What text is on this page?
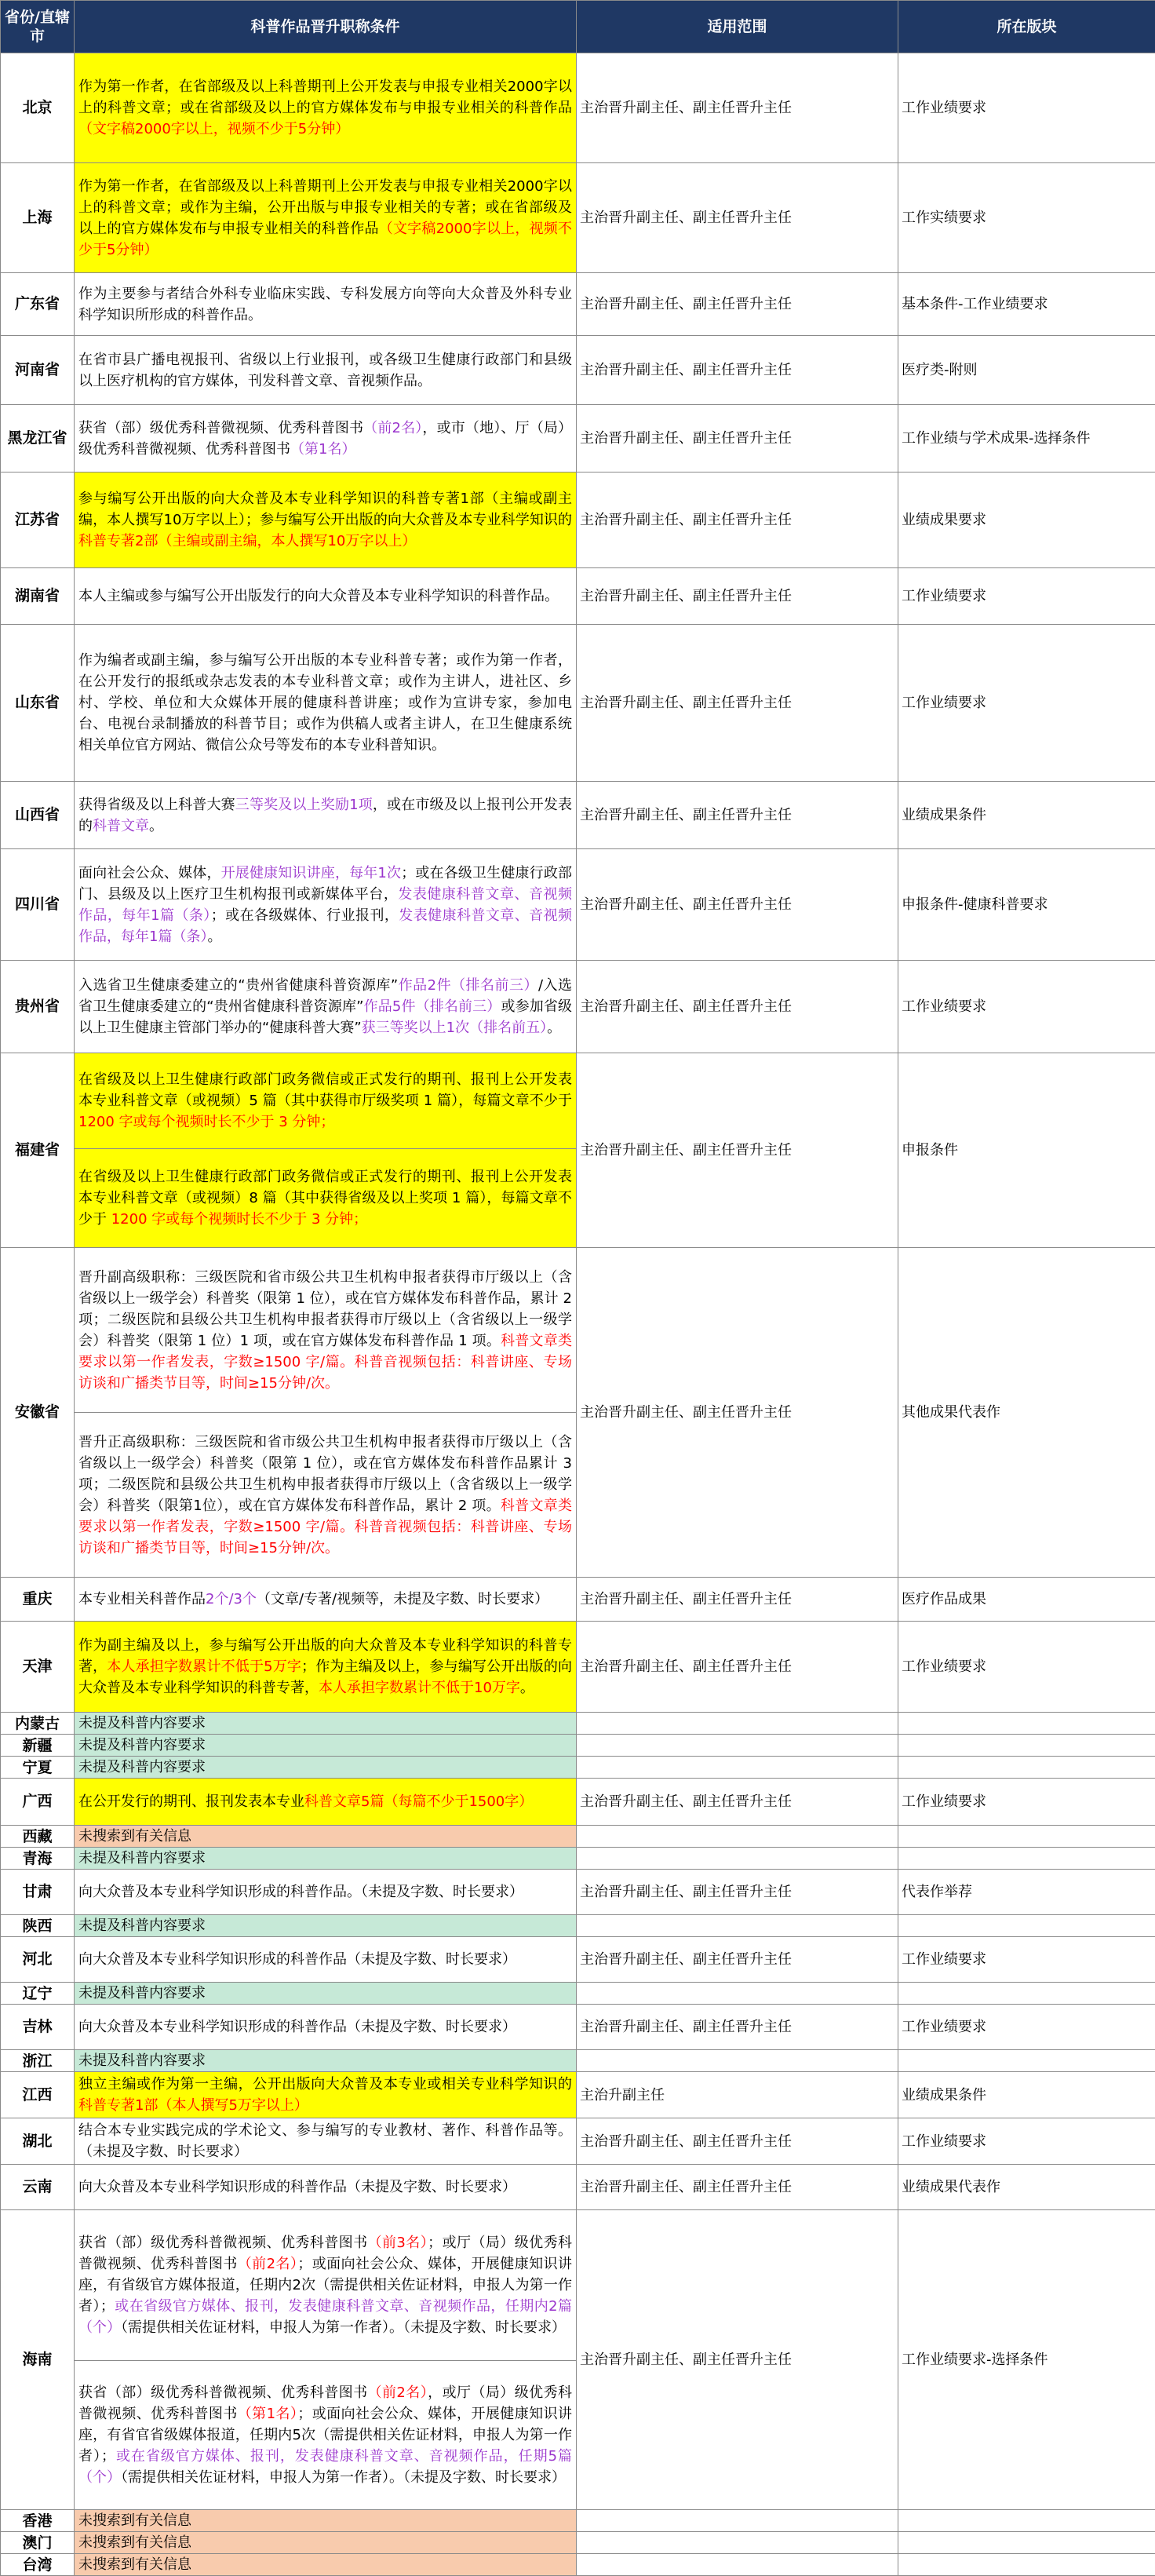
省份/直辖市	科普作品晋升职称条件	适用范围	所在版块
北京	作为第一作者，在省部级及以上科普期刊上公开发表与申报专业相关2000字以上的科普文章；或在省部级及以上的官方媒体发布与申报专业相关的科普作品（文字稿2000字以上，视频不少于5分钟）	主治晋升副主任、副主任晋升主任	工作业绩要求
上海	作为第一作者，在省部级及以上科普期刊上公开发表与申报专业相关2000字以上的科普文章；或作为主编，公开出版与申报专业相关的专著；或在省部级及以上的官方媒体发布与申报专业相关的科普作品（文字稿2000字以上，视频不少于5分钟）	主治晋升副主任、副主任晋升主任	工作实绩要求
广东省	作为主要参与者结合外科专业临床实践、专科发展方向等向大众普及外科专业科学知识所形成的科普作品。	主治晋升副主任、副主任晋升主任	基本条件-工作业绩要求
河南省	在省市县广播电视报刊、省级以上行业报刊，或各级卫生健康行政部门和县级以上医疗机构的官方媒体，刊发科普文章、音视频作品。	主治晋升副主任、副主任晋升主任	医疗类-附则
黑龙江省	获省（部）级优秀科普微视频、优秀科普图书（前2名），或市（地）、厅（局）级优秀科普微视频、优秀科普图书（第1名）	主治晋升副主任、副主任晋升主任	工作业绩与学术成果-选择条件
江苏省	参与编写公开出版的向大众普及本专业科学知识的科普专著1部（主编或副主编，本人撰写10万字以上）；参与编写公开出版的向大众普及本专业科学知识的科普专著2部（主编或副主编，本人撰写10万字以上）	主治晋升副主任、副主任晋升主任	业绩成果要求
湖南省	本人主编或参与编写公开出版发行的向大众普及本专业科学知识的科普作品。	主治晋升副主任、副主任晋升主任	工作业绩要求
山东省	作为编者或副主编，参与编写公开出版的本专业科普专著；或作为第一作者，在公开发行的报纸或杂志发表的本专业科普文章；或作为主讲人，进社区、乡村、学校、单位和大众媒体开展的健康科普讲座；或作为宣讲专家，参加电台、电视台录制播放的科普节目；或作为供稿人或者主讲人，在卫生健康系统相关单位官方网站、微信公众号等发布的本专业科普知识。	主治晋升副主任、副主任晋升主任	工作业绩要求
山西省	获得省级及以上科普大赛三等奖及以上奖励1项，或在市级及以上报刊公开发表的科普文章。	主治晋升副主任、副主任晋升主任	业绩成果条件
四川省	面向社会公众、媒体，开展健康知识讲座，每年1次；或在各级卫生健康行政部门、县级及以上医疗卫生机构报刊或新媒体平台，发表健康科普文章、音视频作品，每年1篇（条）；或在各级媒体、行业报刊，发表健康科普文章、音视频作品，每年1篇（条）。	主治晋升副主任、副主任晋升主任	申报条件-健康科普要求
贵州省	入选省卫生健康委建立的“贵州省健康科普资源库”作品2件（排名前三）/入选省卫生健康委建立的“贵州省健康科普资源库”作品5件（排名前三）或参加省级以上卫生健康主管部门举办的“健康科普大赛”获三等奖以上1次（排名前五）。	主治晋升副主任、副主任晋升主任	工作业绩要求
福建省	在省级及以上卫生健康行政部门政务微信或正式发行的期刊、报刊上公开发表本专业科普文章（或视频）5 篇（其中获得市厅级奖项 1 篇），每篇文章不少于 1200 字或每个视频时长不少于 3 分钟；	主治晋升副主任、副主任晋升主任	申报条件
	在省级及以上卫生健康行政部门政务微信或正式发行的期刊、报刊上公开发表本专业科普文章（或视频）8 篇（其中获得省级及以上奖项 1 篇），每篇文章不少于 1200 字或每个视频时长不少于 3 分钟；		
安徽省	晋升副高级职称：三级医院和省市级公共卫生机构申报者获得市厅级以上（含省级以上一级学会）科普奖（限第 1 位），或在官方媒体发布科普作品，累计 2 项；二级医院和县级公共卫生机构申报者获得市厅级以上（含省级以上一级学会）科普奖（限第 1 位）1 项，或在官方媒体发布科普作品 1 项。科普文章类要求以第一作者发表，字数≥1500 字/篇。科普音视频包括：科普讲座、专场访谈和广播类节目等，时间≥15分钟/次。	主治晋升副主任、副主任晋升主任	其他成果代表作
	晋升正高级职称：三级医院和省市级公共卫生机构申报者获得市厅级以上（含省级以上一级学会）科普奖（限第 1 位），或在官方媒体发布科普作品累计 3 项；二级医院和县级公共卫生机构申报者获得市厅级以上（含省级以上一级学会）科普奖（限第1位），或在官方媒体发布科普作品，累计 2 项。科普文章类要求以第一作者发表，字数≥1500 字/篇。科普音视频包括：科普讲座、专场访谈和广播类节目等，时间≥15分钟/次。		
重庆	本专业相关科普作品2个/3个（文章/专著/视频等，未提及字数、时长要求）	主治晋升副主任、副主任晋升主任	医疗作品成果
天津	作为副主编及以上，参与编写公开出版的向大众普及本专业科学知识的科普专著，本人承担字数累计不低于5万字；作为主编及以上，参与编写公开出版的向大众普及本专业科学知识的科普专著，本人承担字数累计不低于10万字。	主治晋升副主任、副主任晋升主任	工作业绩要求
内蒙古	未提及科普内容要求		
新疆	未提及科普内容要求		
宁夏	未提及科普内容要求		
广西	在公开发行的期刊、报刊发表本专业科普文章5篇（每篇不少于1500字）	主治晋升副主任、副主任晋升主任	工作业绩要求
西藏	未搜索到有关信息		
青海	未提及科普内容要求		
甘肃	向大众普及本专业科学知识形成的科普作品。（未提及字数、时长要求）	主治晋升副主任、副主任晋升主任	代表作举荐
陕西	未提及科普内容要求		
河北	向大众普及本专业科学知识形成的科普作品（未提及字数、时长要求）	主治晋升副主任、副主任晋升主任	工作业绩要求
辽宁	未提及科普内容要求		
吉林	向大众普及本专业科学知识形成的科普作品（未提及字数、时长要求）	主治晋升副主任、副主任晋升主任	工作业绩要求
浙江	未提及科普内容要求		
江西	独立主编或作为第一主编，公开出版向大众普及本专业或相关专业科学知识的科普专著1部（本人撰写5万字以上）	主治升副主任	业绩成果条件
湖北	结合本专业实践完成的学术论文、参与编写的专业教材、著作、科普作品等。（未提及字数、时长要求）	主治晋升副主任、副主任晋升主任	工作业绩要求
云南	向大众普及本专业科学知识形成的科普作品（未提及字数、时长要求）	主治晋升副主任、副主任晋升主任	业绩成果代表作
海南	获省（部）级优秀科普微视频、优秀科普图书（前3名）；或厅（局）级优秀科普微视频、优秀科普图书（前2名）；或面向社会公众、媒体，开展健康知识讲座，有省级官方媒体报道，任期内2次（需提供相关佐证材料，申报人为第一作者）；或在省级官方媒体、报刊，发表健康科普文章、音视频作品，任期内2篇（个）（需提供相关佐证材料，申报人为第一作者）。（未提及字数、时长要求）	主治晋升副主任、副主任晋升主任	工作业绩要求-选择条件
	获省（部）级优秀科普微视频、优秀科普图书（前2名），或厅（局）级优秀科普微视频、优秀科普图书（第1名）；或面向社会公众、媒体，开展健康知识讲座，有省官省级媒体报道，任期内5次（需提供相关佐证材料，申报人为第一作者）；或在省级官方媒体、报刊，发表健康科普文章、音视频作品，任期5篇（个）（需提供相关佐证材料，申报人为第一作者）。（未提及字数、时长要求）		
香港	未搜索到有关信息		
澳门	未搜索到有关信息		
台湾	未搜索到有关信息		
